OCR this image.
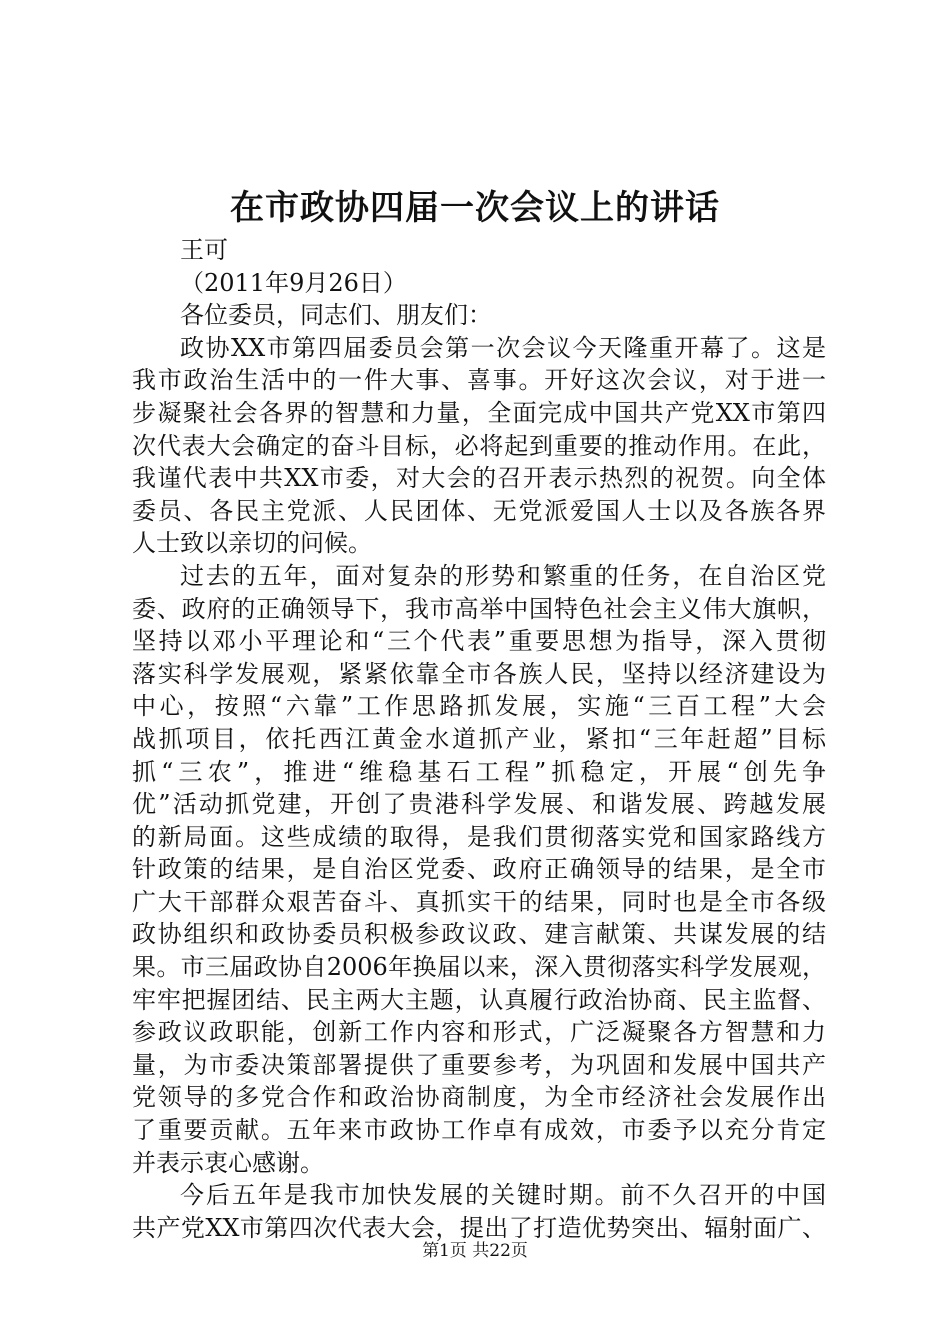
在市政协四届一次会议上的讲话
王可
（2011年9月26日）
各位委员，同志们、朋友们：
政协XX市第四届委员会第一次会议今天隆重开幕了。这是
我市政治生活中的一件大事、喜事。开好这次会议，对于进一
步凝聚社会各界的智慧和力量，全面完成中国共产党XX市第四
次代表大会确定的奋斗目标，必将起到重要的推动作用。在此，
我谨代表中共XX市委，对大会的召开表示热烈的祝贺。向全体
委员、各民主党派、人民团体、无党派爱国人士以及各族各界
人士致以亲切的问候。
过去的五年，面对复杂的形势和繁重的任务，在自治区党
委、政府的正确领导下，我市高举中国特色社会主义伟大旗帜，
坚持以邓小平理论和“三个代表”重要思想为指导，深入贯彻
落实科学发展观，紧紧依靠全市各族人民，坚持以经济建设为
中心，按照“六靠”工作思路抓发展，实施“三百工程”大会
战抓项目，依托西江黄金水道抓产业，紧扣“三年赶超”目标
抓“三农”，推进“维稳基石工程”抓稳定，开展“创先争
优”活动抓党建，开创了贵港科学发展、和谐发展、跨越发展
的新局面。这些成绩的取得，是我们贯彻落实党和国家路线方
针政策的结果，是自治区党委、政府正确领导的结果，是全市
广大干部群众艰苦奋斗、真抓实干的结果，同时也是全市各级
政协组织和政协委员积极参政议政、建言献策、共谋发展的结
果。市三届政协自2006年换届以来，深入贯彻落实科学发展观，
牢牢把握团结、民主两大主题，认真履行政治协商、民主监督、
参政议政职能，创新工作内容和形式，广泛凝聚各方智慧和力
量，为市委决策部署提供了重要参考，为巩固和发展中国共产
党领导的多党合作和政治协商制度，为全市经济社会发展作出
了重要贡献。五年来市政协工作卓有成效，市委予以充分肯定
并表示衷心感谢。
今后五年是我市加快发展的关键时期。前不久召开的中国
共产党XX市第四次代表大会，提出了打造优势突出、辐射面广、
第1页 共22页
